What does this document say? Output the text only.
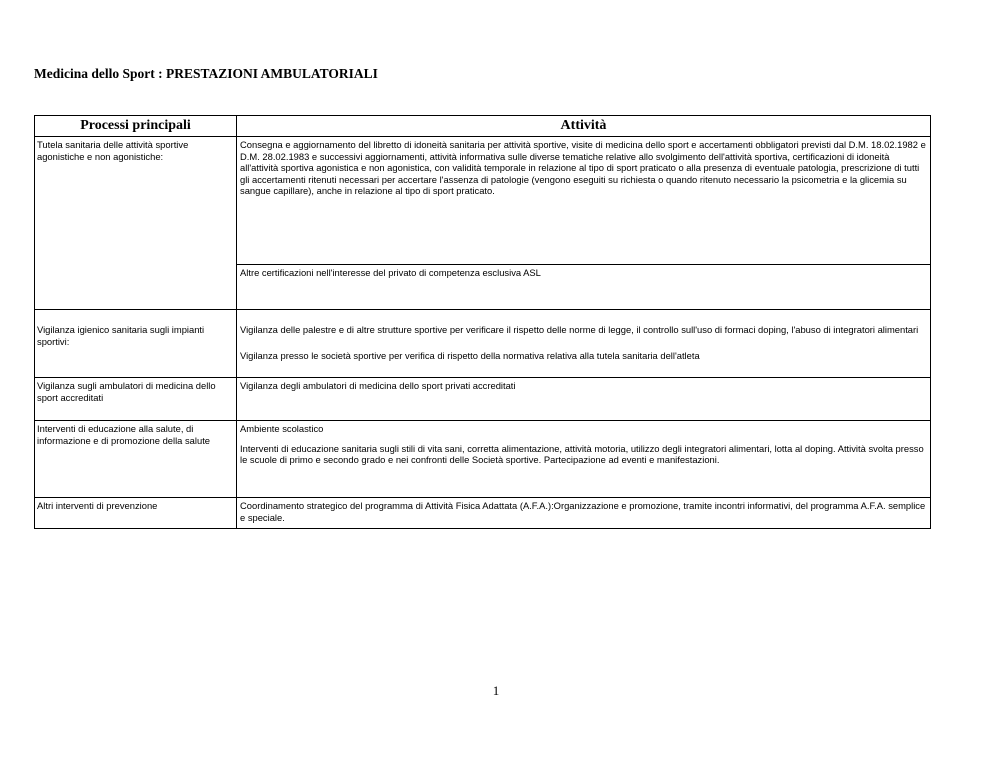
Medicina dello Sport : PRESTAZIONI AMBULATORIALI
Processi principali	Attività
Tutela sanitaria delle attività sportive agonistiche e non agonistiche:	Consegna e aggiornamento del libretto di idoneità sanitaria per attività sportive, visite di medicina dello sport e accertamenti obbligatori previsti dal D.M. 18.02.1982 e D.M. 28.02.1983 e successivi aggiornamenti, attività informativa sulle diverse tematiche relative allo svolgimento dell'attività sportiva, certificazioni di idoneità all'attività sportiva agonistica e non agonistica, con validità temporale in relazione al tipo di sport praticato o alla presenza di eventuale patologia, prescrizione di tutti gli accertamenti ritenuti necessari per accertare l'assenza di patologie (vengono eseguiti su richiesta o quando ritenuto necessario la psicometria e la glicemia su sangue capillare), anche in relazione al tipo di sport praticato.
	Altre certificazioni nell'interesse del privato di competenza esclusiva ASL
Vigilanza igienico sanitaria sugli impianti sportivi:	Vigilanza delle palestre e di altre strutture sportive per verificare il rispetto delle norme di legge, il controllo sull'uso di formaci doping, l'abuso di integratori alimentari

Vigilanza presso le società sportive per verifica di rispetto della normativa relativa alla tutela sanitaria dell'atleta

Vigilanza sugli ambulatori di medicina dello sport accreditati	Vigilanza degli ambulatori di medicina dello sport privati accreditati
Interventi di educazione alla salute, di informazione e di promozione della salute	Ambiente scolastico

Interventi di educazione sanitaria sugli stili di vita sani, corretta alimentazione, attività motoria, utilizzo degli integratori alimentari, lotta al doping. Attività svolta presso le scuole di primo e secondo grado e nei confronti delle Società sportive. Partecipazione ad eventi e manifestazioni.

Altri interventi di prevenzione	Coordinamento strategico del programma di Attività Fisica Adattata (A.F.A.):Organizzazione e promozione, tramite incontri informativi, del programma A.F.A. semplice e speciale.
1
